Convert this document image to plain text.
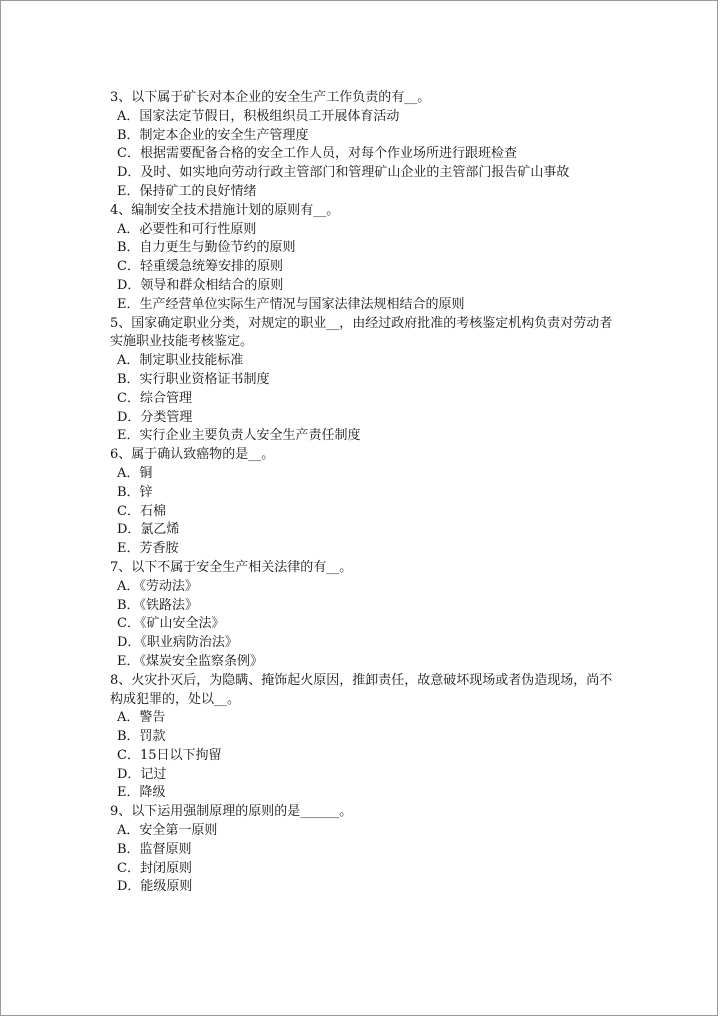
3、以下属于矿长对本企业的安全生产工作负责的有__。
A．国家法定节假日，积极组织员工开展体育活动
B．制定本企业的安全生产管理度
C．根据需要配备合格的安全工作人员，对每个作业场所进行跟班检查
D．及时、如实地向劳动行政主管部门和管理矿山企业的主管部门报告矿山事故
E．保持矿工的良好情绪
4、编制安全技术措施计划的原则有__。
A．必要性和可行性原则
B．自力更生与勤俭节约的原则
C．轻重缓急统筹安排的原则
D．领导和群众相结合的原则
E．生产经营单位实际生产情况与国家法律法规相结合的原则
5、国家确定职业分类，对规定的职业__，由经过政府批准的考核鉴定机构负责对劳动者实施职业技能考核鉴定。
A．制定职业技能标准
B．实行职业资格证书制度
C．综合管理
D．分类管理
E．实行企业主要负责人安全生产责任制度
6、属于确认致癌物的是__。
A．铜
B．锌
C．石棉
D．氯乙烯
E．芳香胺
7、以下不属于安全生产相关法律的有__。
A．《劳动法》
B．《铁路法》
C．《矿山安全法》
D．《职业病防治法》
E．《煤炭安全监察条例》
8、火灾扑灭后，为隐瞒、掩饰起火原因，推卸责任，故意破坏现场或者伪造现场，尚不构成犯罪的，处以__。
A．警告
B．罚款
C．15日以下拘留
D．记过
E．降级
9、以下运用强制原理的原则的是______。
A．安全第一原则
B．监督原则
C．封闭原则
D．能级原则
